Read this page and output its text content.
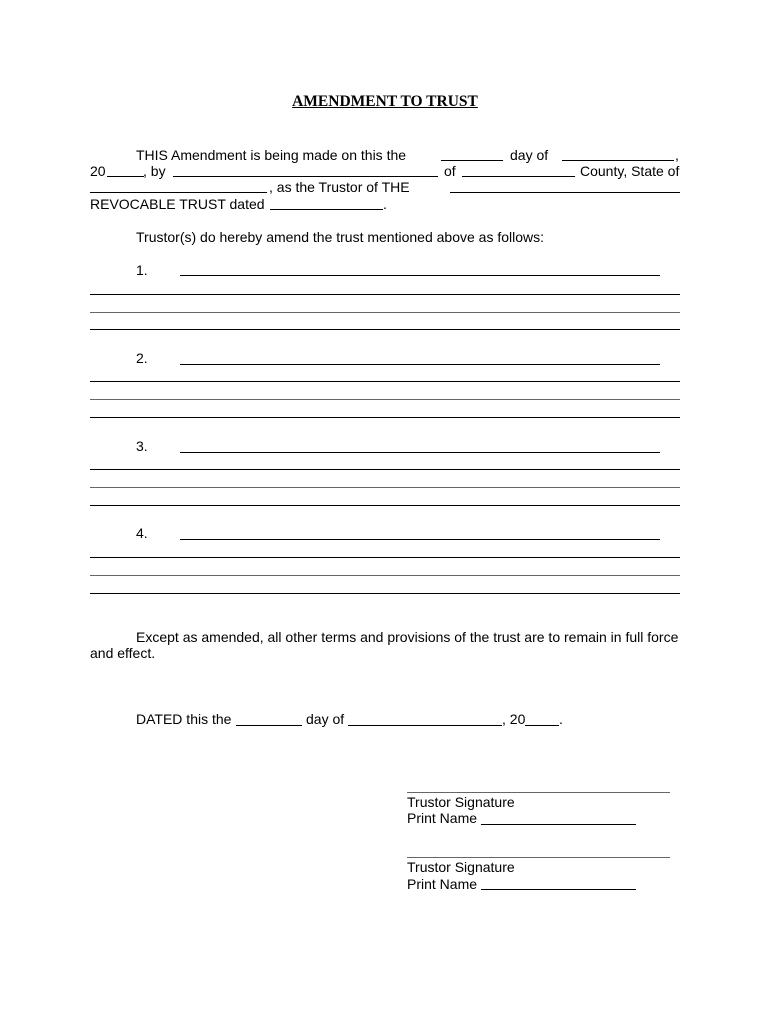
AMENDMENT TO TRUST
THIS Amendment is being made on this the	day of	,
20	, by	of	County, State of
, as the Trustor of THE
REVOCABLE TRUST dated	.
Trustor(s) do hereby amend the trust mentioned above as follows:
1.
2.
3.
4.
Except as amended, all other terms and provisions of the trust are to remain in full force
and effect.
DATED this the	day of	, 20 .
Trustor Signature
Print Name
Trustor Signature
Print Name
